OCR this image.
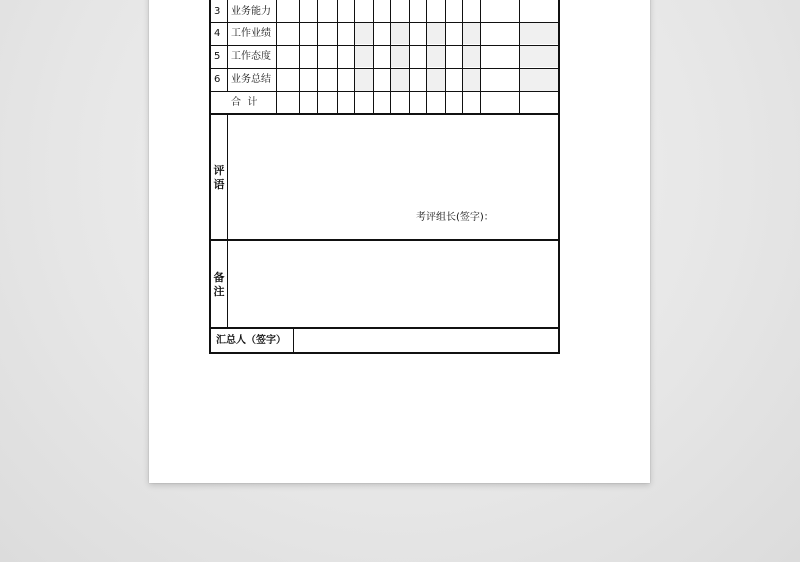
3 业务能力
4 工作业绩
5 工作态度
6 业务总结
合  计
评
语
考评组长(签字)：
备
注
汇总人（签字）
